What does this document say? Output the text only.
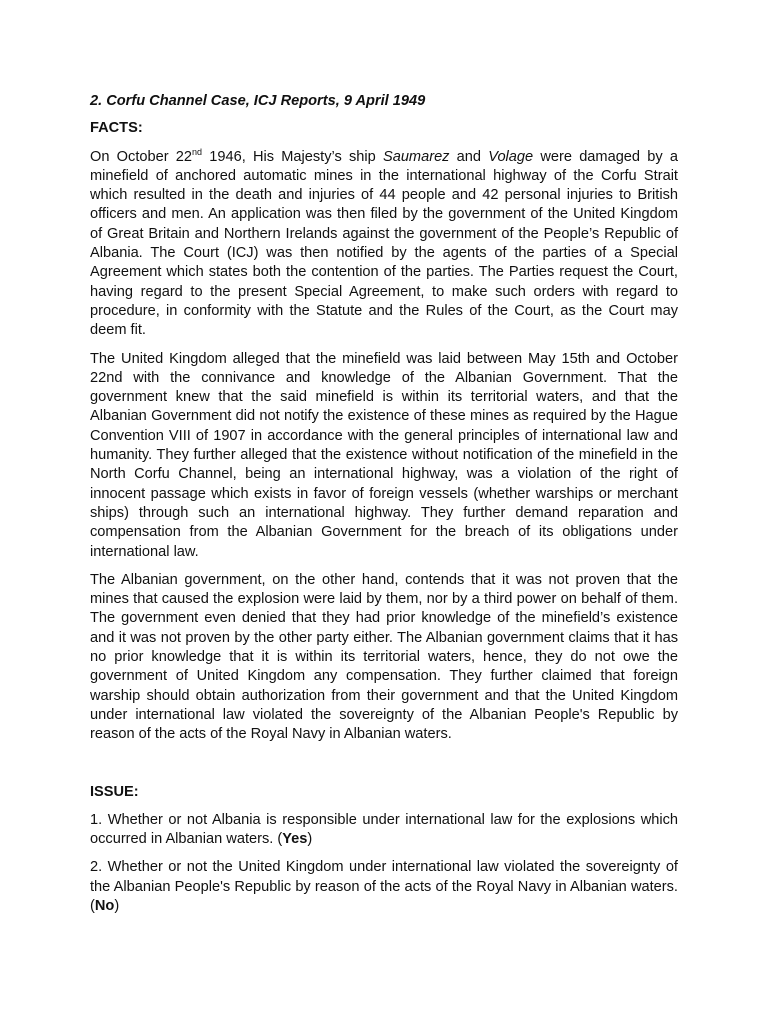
2. Corfu Channel Case, ICJ Reports, 9 April 1949
FACTS:

On October 22nd 1946, His Majesty’s ship Saumarez and Volage were damaged by a minefield of anchored automatic mines in the international highway of the Corfu Strait which resulted in the death and injuries of 44 people and 42 personal injuries to British officers and men. An application was then filed by the government of the United Kingdom of Great Britain and Northern Irelands against the government of the People’s Republic of Albania. The Court (ICJ) was then notified by the agents of the parties of a Special Agreement which states both the contention of the parties. The Parties request the Court, having regard to the present Special Agreement, to make such orders with regard to procedure, in conformity with the Statute and the Rules of the Court, as the Court may deem fit.

The United Kingdom alleged that the minefield was laid between May 15th and October 22nd with the connivance and knowledge of the Albanian Government. That the government knew that the said minefield is within its territorial waters, and that the Albanian Government did not notify the existence of these mines as required by the Hague Convention VIII of 1907 in accordance with the general principles of international law and humanity. They further alleged that the existence without notification of the minefield in the North Corfu Channel, being an international highway, was a violation of the right of innocent passage which exists in favor of foreign vessels (whether warships or merchant ships) through such an international highway. They further demand reparation and compensation from the Albanian Government for the breach of its obligations under international law.

The Albanian government, on the other hand, contends that it was not proven that the mines that caused the explosion were laid by them, nor by a third power on behalf of them. The government even denied that they had prior knowledge of the minefield’s existence and it was not proven by the other party either. The Albanian government claims that it has no prior knowledge that it is within its territorial waters, hence, they do not owe the government of United Kingdom any compensation. They further claimed that foreign warship should obtain authorization from their government and that the United Kingdom under international law violated the sovereignty of the Albanian People's Republic by reason of the acts of the Royal Navy in Albanian waters.

ISSUE:
1. Whether or not Albania is responsible under international law for the explosions which occurred in Albanian waters. (Yes)
2. Whether or not the United Kingdom under international law violated the sovereignty of the Albanian People's Republic by reason of the acts of the Royal Navy in Albanian waters. (No)
